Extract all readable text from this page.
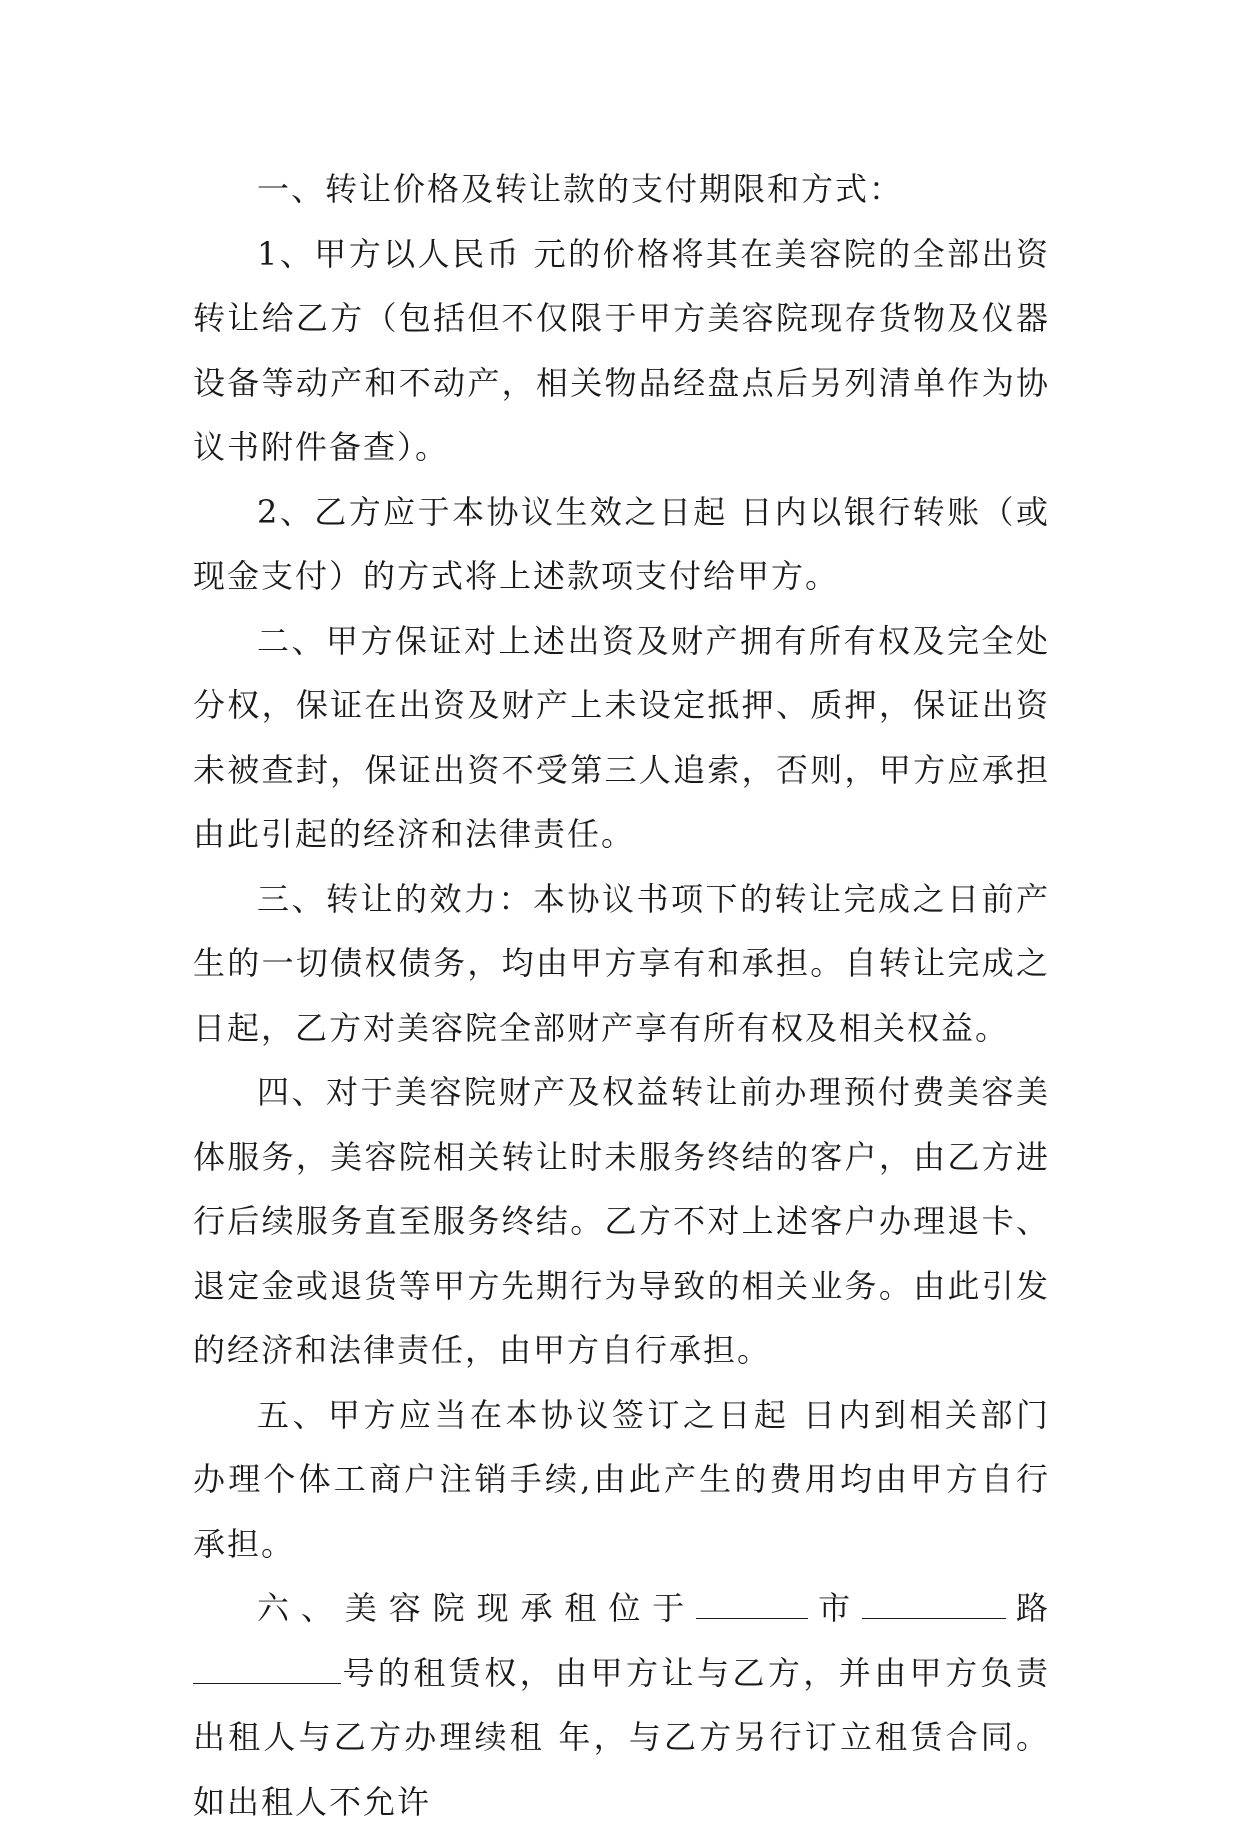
一、转让价格及转让款的支付期限和方式：

1、甲方以人民币 元的价格将其在美容院的全部出资转让给乙方（包括但不仅限于甲方美容院现存货物及仪器设备等动产和不动产，相关物品经盘点后另列清单作为协议书附件备查）。

2、乙方应于本协议生效之日起 日内以银行转账（或现金支付）的方式将上述款项支付给甲方。

二、甲方保证对上述出资及财产拥有所有权及完全处分权，保证在出资及财产上未设定抵押、质押，保证出资未被查封，保证出资不受第三人追索，否则，甲方应承担由此引起的经济和法律责任。

三、转让的效力：本协议书项下的转让完成之日前产生的一切债权债务，均由甲方享有和承担。自转让完成之日起，乙方对美容院全部财产享有所有权及相关权益。

四、对于美容院财产及权益转让前办理预付费美容美体服务，美容院相关转让时未服务终结的客户，由乙方进行后续服务直至服务终结。乙方不对上述客户办理退卡、退定金或退货等甲方先期行为导致的相关业务。由此引发的经济和法律责任，由甲方自行承担。

五、甲方应当在本协议签订之日起 日内到相关部门办理个体工商户注销手续,由此产生的费用均由甲方自行承担。

六、美容院现承租位于	市	路号的租赁权，由甲方让与乙方，并由甲方负责出租人与乙方办理续租 年，与乙方另行订立租赁合同。如出租人不允许
